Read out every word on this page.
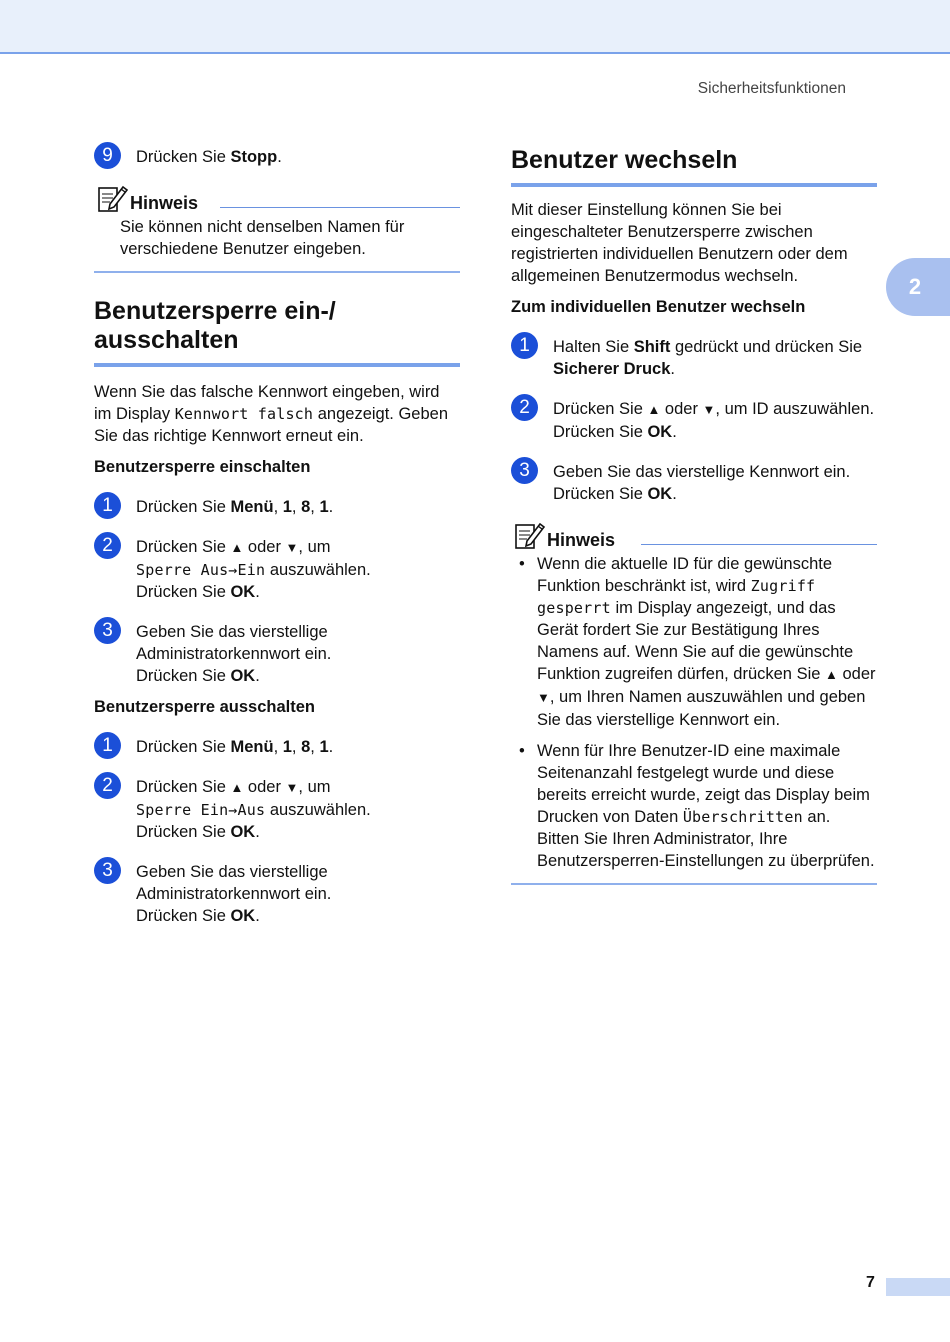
Sicherheitsfunktionen
2
9	Drücken Sie Stopp.

Hinweis

Sie können nicht denselben Namen für verschiedene Benutzer eingeben.

Benutzersperre ein-/ ausschalten

Wenn Sie das falsche Kennwort eingeben, wird im Display Kennwort falsch angezeigt. Geben Sie das richtige Kennwort erneut ein.

Benutzersperre einschalten

1	Drücken Sie Menü, 1, 8, 1.

2	Drücken Sie ▲ oder ▼, um
Sperre Aus→Ein auszuwählen.
Drücken Sie OK.

3	Geben Sie das vierstellige Administratorkennwort ein.
Drücken Sie OK.

Benutzersperre ausschalten

1	Drücken Sie Menü, 1, 8, 1.

2	Drücken Sie ▲ oder ▼, um
Sperre Ein→Aus auszuwählen.
Drücken Sie OK.

3	Geben Sie das vierstellige Administratorkennwort ein.
Drücken Sie OK.

Benutzer wechseln

Mit dieser Einstellung können Sie bei eingeschalteter Benutzersperre zwischen registrierten individuellen Benutzern oder dem allgemeinen Benutzermodus wechseln.

Zum individuellen Benutzer wechseln

1	Halten Sie Shift gedrückt und drücken Sie
Sicherer Druck.

2	Drücken Sie ▲ oder ▼, um ID auszuwählen.
Drücken Sie OK.

3	Geben Sie das vierstellige Kennwort ein.
Drücken Sie OK.

Hinweis
• Wenn die aktuelle ID für die gewünschte Funktion beschränkt ist, wird Zugriff gesperrt im Display angezeigt, und das Gerät fordert Sie zur Bestätigung Ihres Namens auf. Wenn Sie auf die gewünschte Funktion zugreifen dürfen, drücken Sie ▲ oder ▼, um Ihren Namen auszuwählen und geben Sie das vierstellige Kennwort ein.
• Wenn für Ihre Benutzer-ID eine maximale Seitenanzahl festgelegt wurde und diese bereits erreicht wurde, zeigt das Display beim Drucken von Daten Überschritten an. Bitten Sie Ihren Administrator, Ihre Benutzersperren-Einstellungen zu überprüfen.
7
